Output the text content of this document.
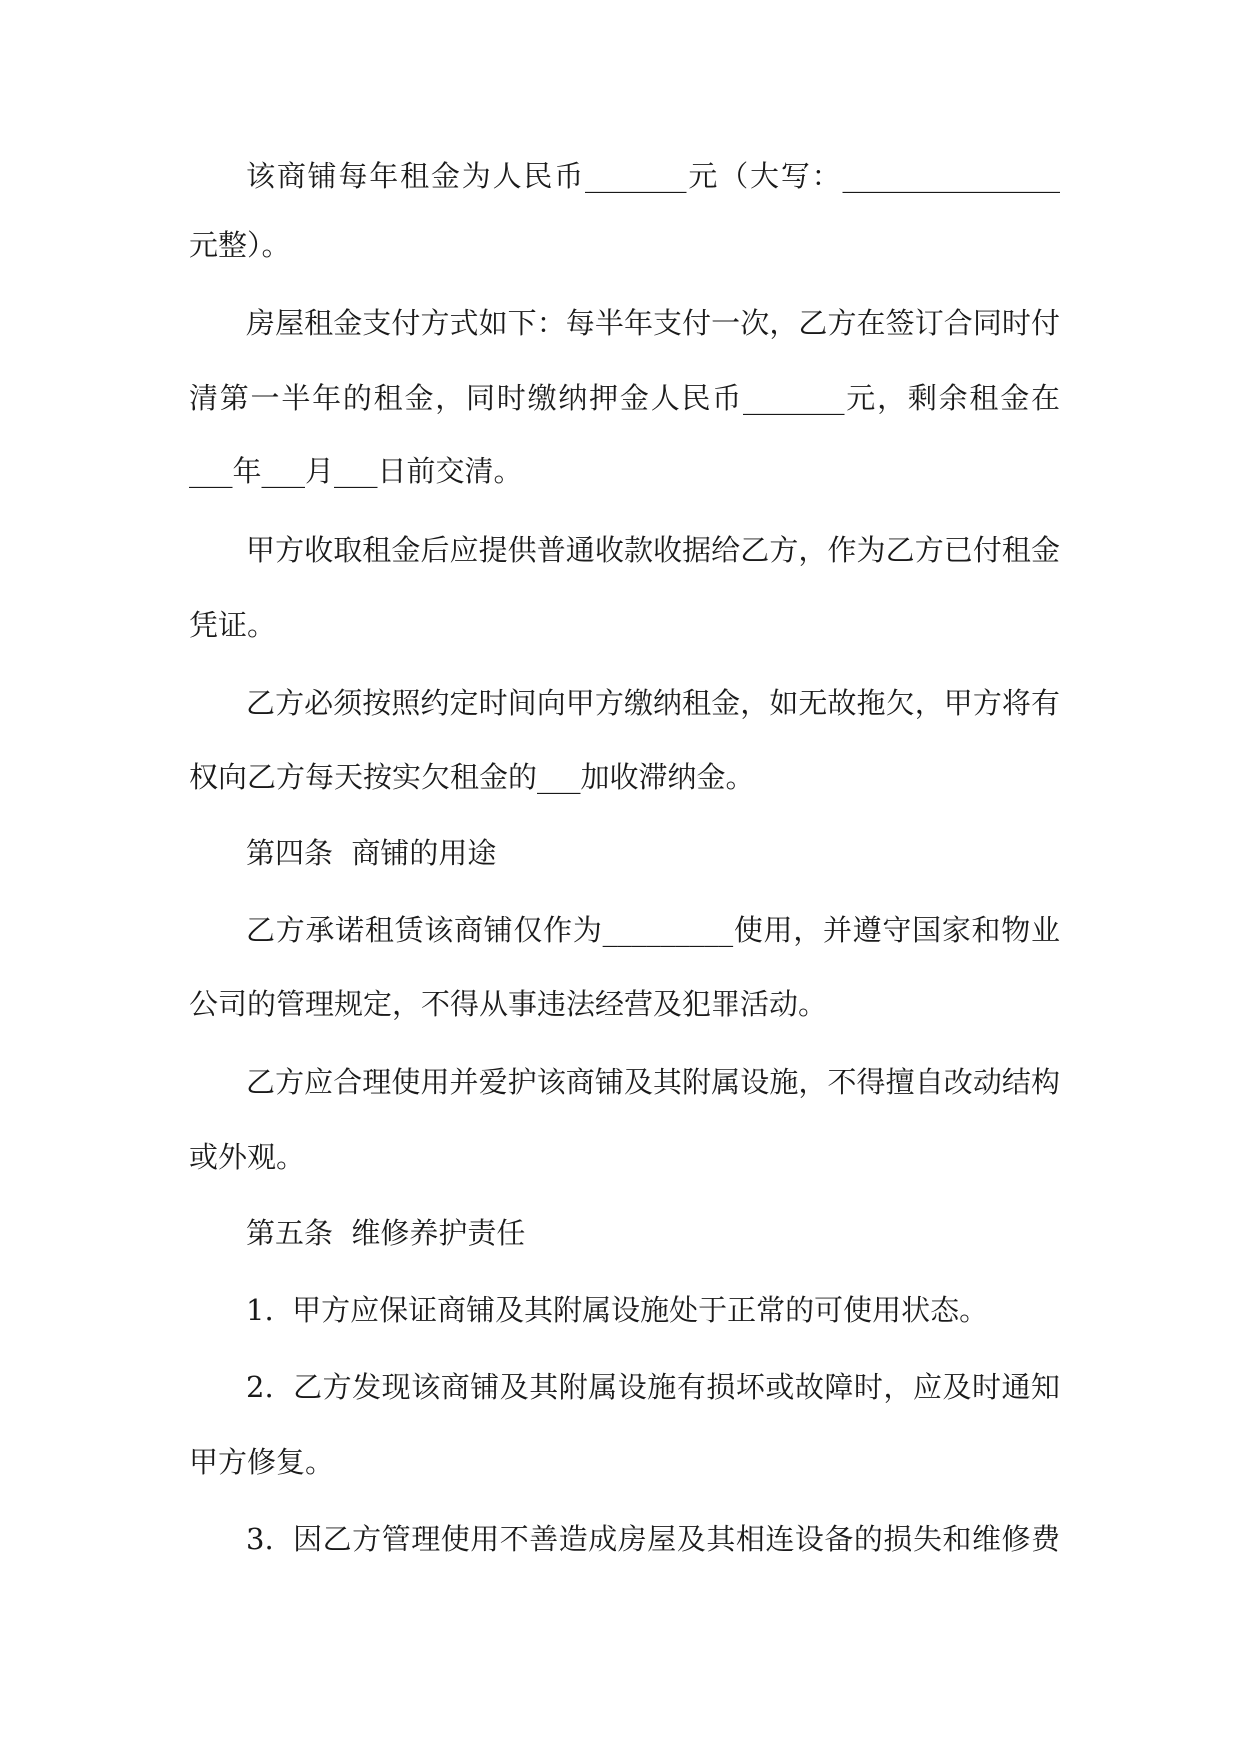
该商铺每年租金为人民币_______元（大写：_______________
元整）。
房屋租金支付方式如下：每半年支付一次，乙方在签订合同时付
清第一半年的租金，同时缴纳押金人民币_______元，剩余租金在
___年___月___日前交清。
甲方收取租金后应提供普通收款收据给乙方，作为乙方已付租金
凭证。
乙方必须按照约定时间向甲方缴纳租金，如无故拖欠，甲方将有
权向乙方每天按实欠租金的___加收滞纳金。
第四条  商铺的用途
乙方承诺租赁该商铺仅作为_________使用，并遵守国家和物业
公司的管理规定，不得从事违法经营及犯罪活动。
乙方应合理使用并爱护该商铺及其附属设施，不得擅自改动结构
或外观。
第五条  维修养护责任
1.  甲方应保证商铺及其附属设施处于正常的可使用状态。
2.  乙方发现该商铺及其附属设施有损坏或故障时，应及时通知
甲方修复。
3.  因乙方管理使用不善造成房屋及其相连设备的损失和维修费
